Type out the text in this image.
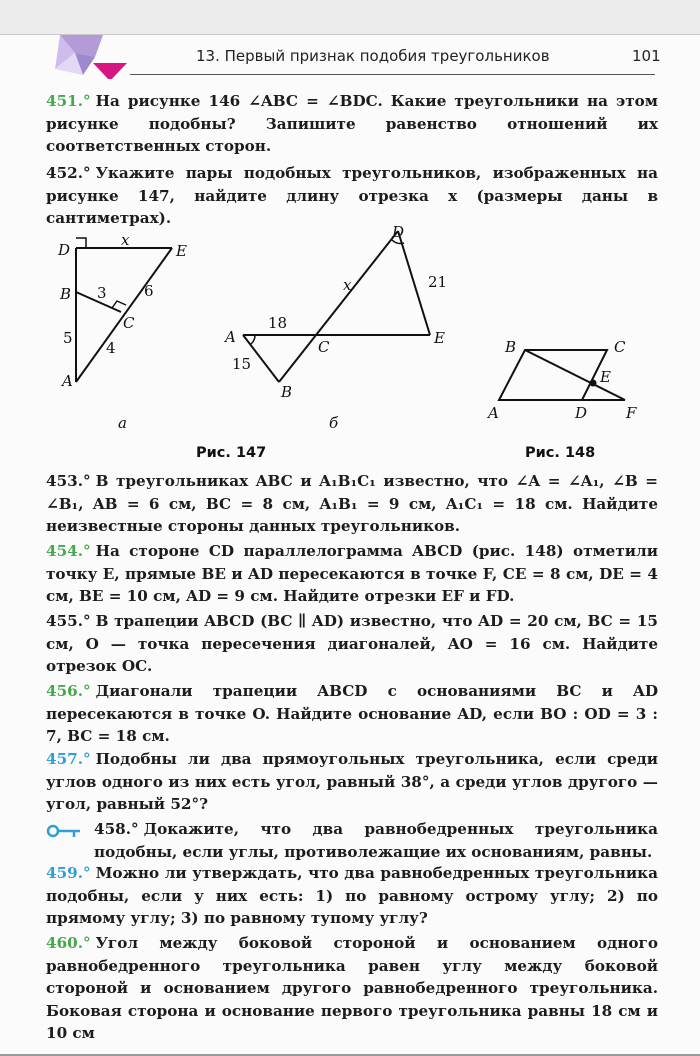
13. Первый признак подобия треугольников	101
451.° На рисунке 146 ∠ABC = ∠BDC. Какие треугольники на этом рисунке подобны? Запишите равенство отношений их соответственных сторон.
452.° Укажите пары подобных треугольников, изображенных на рисунке 147, найдите длину отрезка x (размеры даны в сантиметрах).
453.° В треугольниках ABC и A₁B₁C₁ известно, что ∠A = ∠A₁, ∠B = ∠B₁, AB = 6 см, BC = 8 см, A₁B₁ = 9 см, A₁C₁ = 18 см. Найдите неизвестные стороны данных треугольников.
454.° На стороне CD параллелограмма ABCD (рис. 148) отметили точку E, прямые BE и AD пересекаются в точке F, CE = 8 см, DE = 4 см, BE = 10 см, AD = 9 см. Найдите отрезки EF и FD.
455.° В трапеции ABCD (BC ∥ AD) известно, что AD = 20 см, BC = 15 см, O — точка пересечения диагоналей, AO = 16 см. Найдите отрезок OC.
456.° Диагонали трапеции ABCD с основаниями BC и AD пересекаются в точке O. Найдите основание AD, если BO : OD = 3 : 7, BC = 18 см.
457.° Подобны ли два прямоугольных треугольника, если среди углов одного из них есть угол, равный 38°, а среди углов другого — угол, равный 52°?
458.° Докажите, что два равнобедренных треугольника подобны, если углы, противолежащие их основаниям, равны.
459.° Можно ли утверждать, что два равнобедренных треугольника подобны, если у них есть: 1) по равному острому углу; 2) по прямому углу; 3) по равному тупому углу?
460.° Угол между боковой стороной и основанием одного равнобедренного треугольника равен углу между боковой стороной и основанием другого равнобедренного треугольника. Боковая сторона и основание первого треугольника равны 18 см и 10 см
D	E
B
C
A
x
3 6
5
4
а
D
21
x
18
A
C	E
15
B
б
Рис. 147
B	C
E
A	D	F
Рис. 148
